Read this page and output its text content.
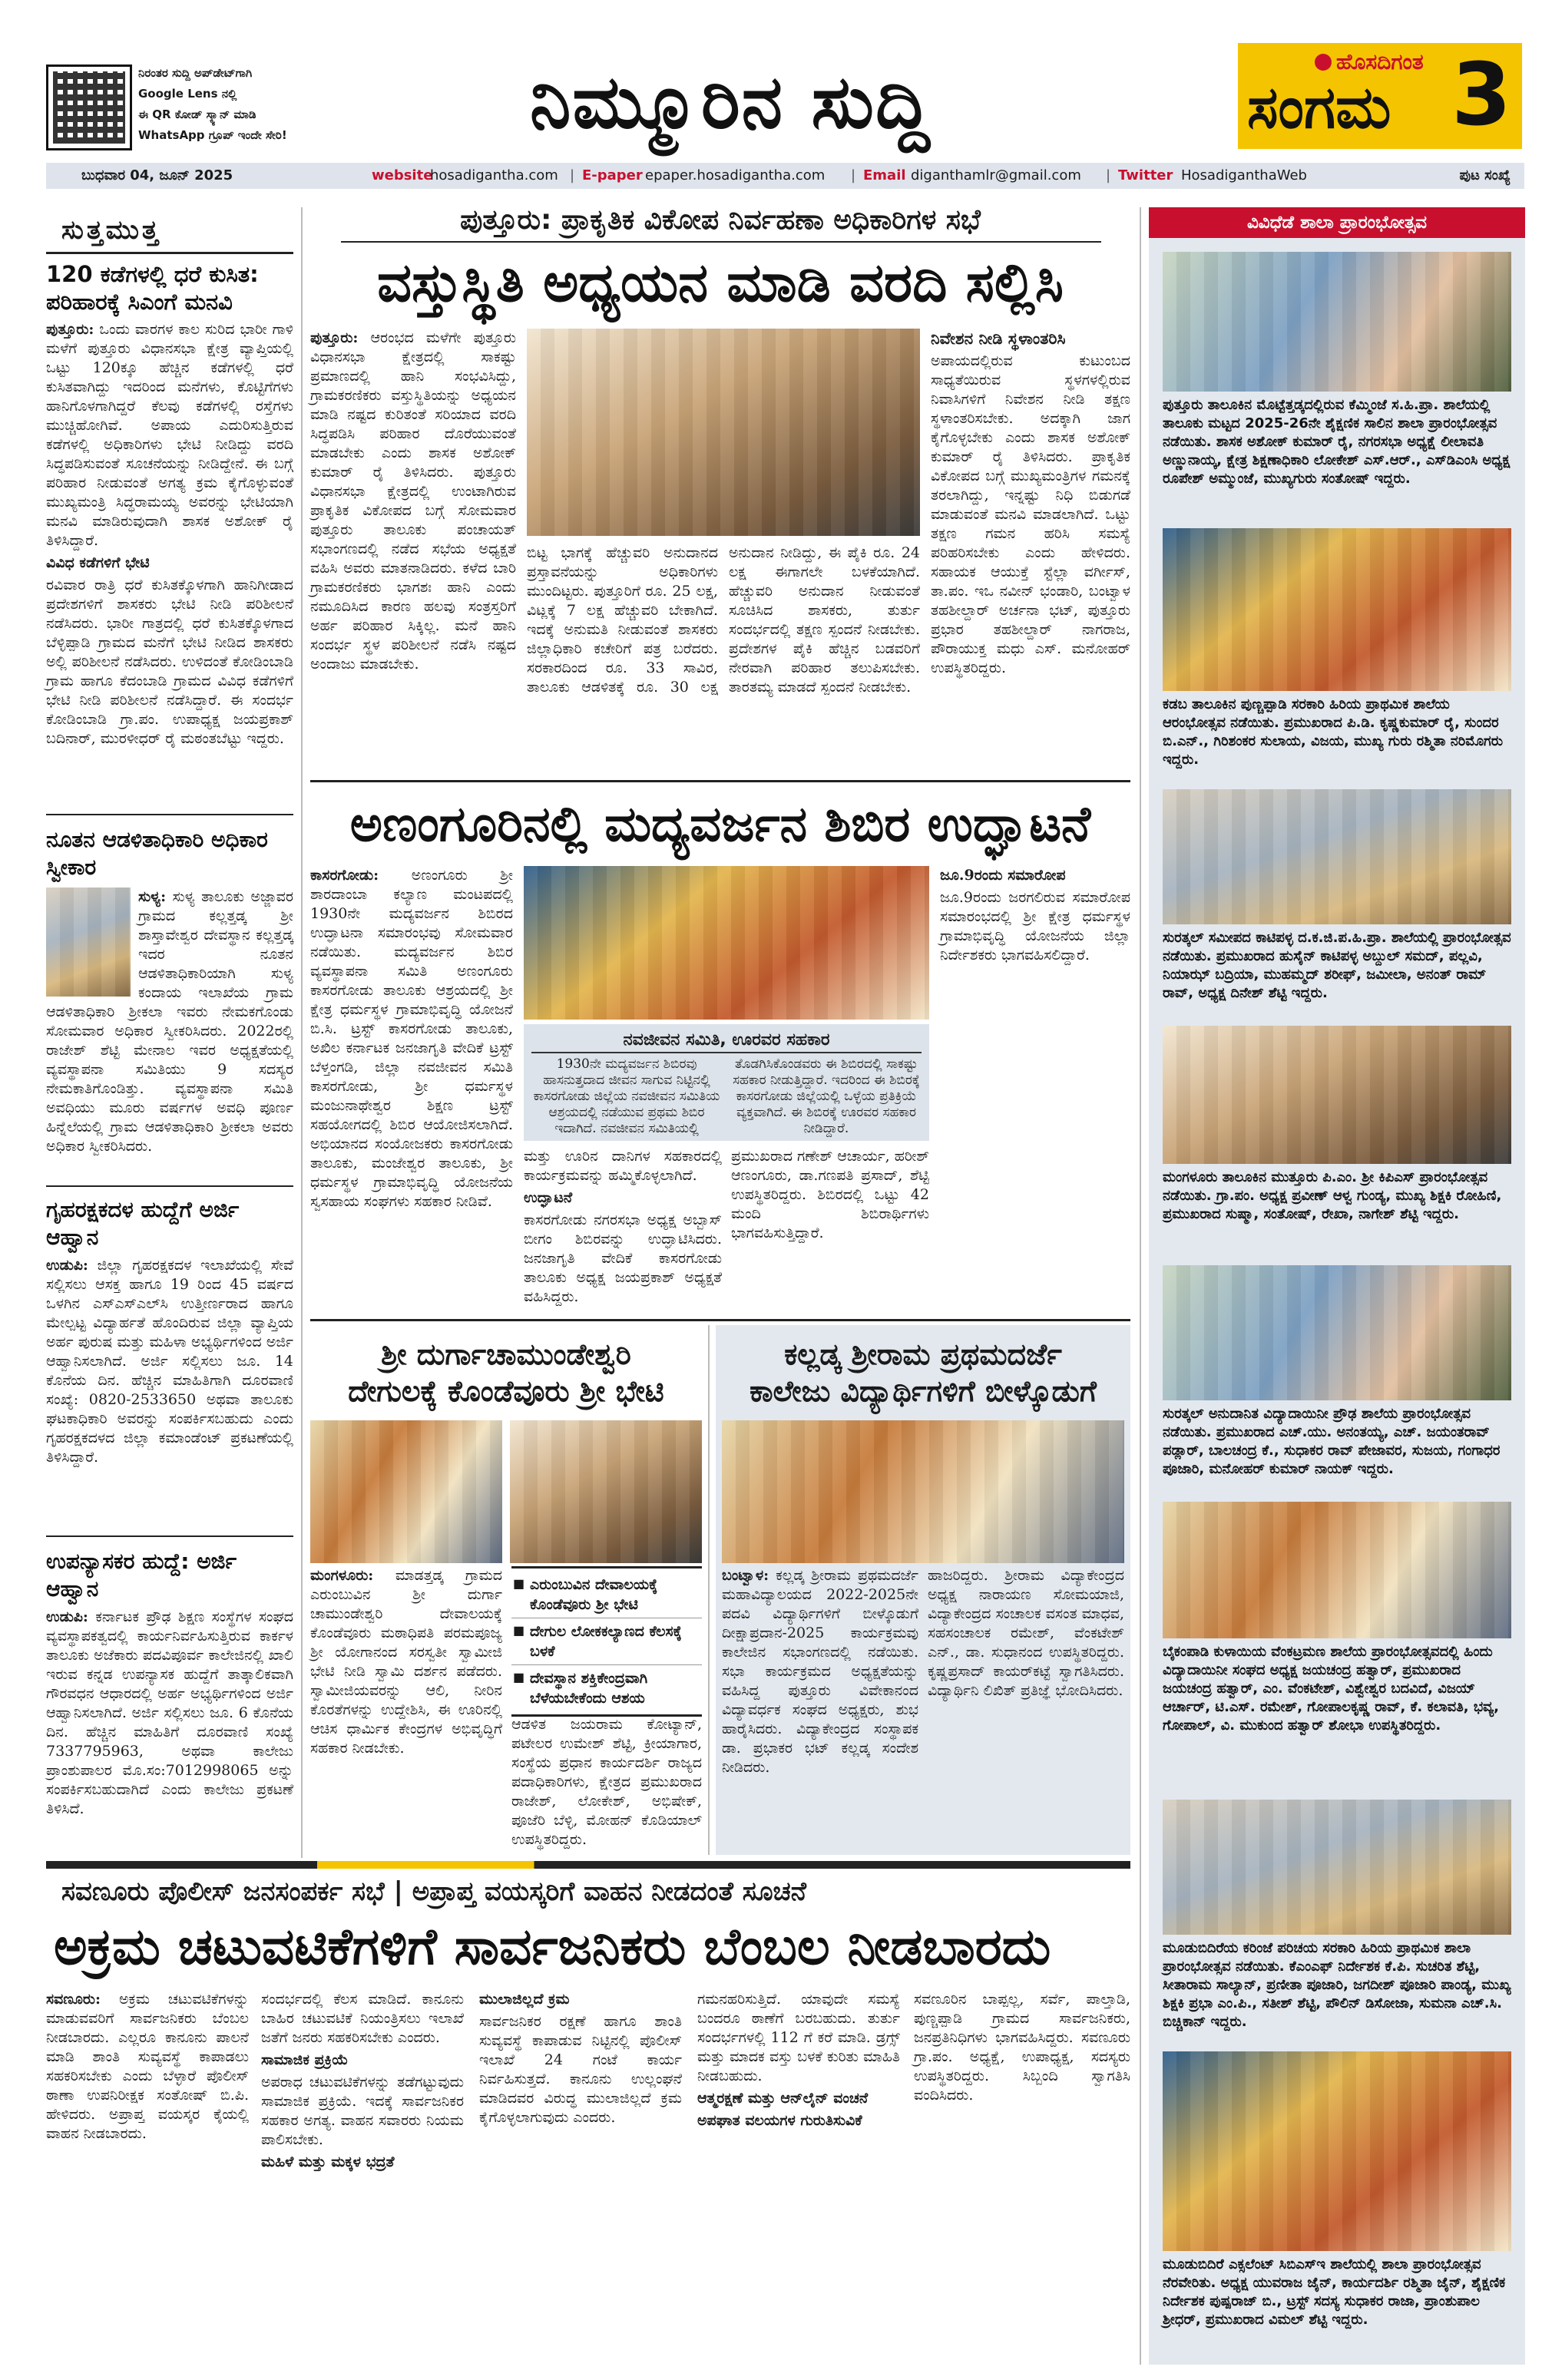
ನಿರಂತರ ಸುದ್ದಿ ಅಪ್‌ಡೇಟ್‌ಗಾಗಿ
Google Lens ನಲ್ಲಿ
ಈ QR ಕೋಡ್ ಸ್ಕ್ಯಾನ್ ಮಾಡಿ
WhatsApp ಗ್ರೂಪ್ ಇಂದೇ ಸೇರಿ!	ನಿಮ್ಮೂರಿನ ಸುದ್ದಿ	ಹೊಸದಿಗಂತ
ಸಂಗಮ 3
ಬುಧವಾರ 04, ಜೂನ್ 2025	website
hosadigantha.com | E-paper epaper.hosadigantha.com | Email diganthamlr@gmail.com | Twitter HosadiganthaWeb	ಪುಟ ಸಂಖ್ಯೆ
ಸುತ್ತಮುತ್ತ
120 ಕಡೆಗಳಲ್ಲಿ ಧರೆ ಕುಸಿತ: ಪರಿಹಾರಕ್ಕೆ ಸಿಎಂಗೆ ಮನವಿ

ಪುತ್ತೂರು: ಒಂದು ವಾರಗಳ ಕಾಲ ಸುರಿದ ಭಾರೀ ಗಾಳಿ ಮಳೆಗೆ ಪುತ್ತೂರು ವಿಧಾನಸಭಾ ಕ್ಷೇತ್ರ ವ್ಯಾಪ್ತಿಯಲ್ಲಿ ಒಟ್ಟು 120ಕ್ಕೂ ಹೆಚ್ಚಿನ ಕಡೆಗಳಲ್ಲಿ ಧರೆ ಕುಸಿತವಾಗಿದ್ದು ಇದರಿಂದ ಮನೆಗಳು, ಕೊಟ್ಟಿಗೆಗಳು ಹಾನಿಗೊಳಗಾಗಿದ್ದರೆ ಕೆಲವು ಕಡೆಗಳಲ್ಲಿ ರಸ್ತೆಗಳು ಮುಚ್ಚಿಹೋಗಿವೆ. ಅಪಾಯ ಎದುರಿಸುತ್ತಿರುವ ಕಡೆಗಳಲ್ಲಿ ಅಧಿಕಾರಿಗಳು ಭೇಟಿ ನೀಡಿದ್ದು ವರದಿ ಸಿದ್ಧಪಡಿಸುವಂತೆ ಸೂಚನೆಯನ್ನು ನೀಡಿದ್ದೇನೆ. ಈ ಬಗ್ಗೆ ಪರಿಹಾರ ನೀಡುವಂತೆ ಅಗತ್ಯ ಕ್ರಮ ಕೈಗೊಳ್ಳುವಂತೆ ಮುಖ್ಯಮಂತ್ರಿ ಸಿದ್ಧರಾಮಯ್ಯ ಅವರನ್ನು ಭೇಟಿಯಾಗಿ ಮನವಿ ಮಾಡಿರುವುದಾಗಿ ಶಾಸಕ ಅಶೋಕ್ ರೈ ತಿಳಿಸಿದ್ದಾರೆ.

ವಿವಿಧ ಕಡೆಗಳಿಗೆ ಭೇಟಿ

ರವಿವಾರ ರಾತ್ರಿ ಧರೆ ಕುಸಿತಕ್ಕೊಳಗಾಗಿ ಹಾನಿಗೀಡಾದ ಪ್ರದೇಶಗಳಿಗೆ ಶಾಸಕರು ಭೇಟಿ ನೀಡಿ ಪರಿಶೀಲನೆ ನಡೆಸಿದರು. ಭಾರೀ ಗಾತ್ರದಲ್ಲಿ ಧರೆ ಕುಸಿತಕ್ಕೊಳಗಾದ ಬೆಳ್ಳಿಪ್ಪಾಡಿ ಗ್ರಾಮದ ಮನೆಗೆ ಭೇಟಿ ನೀಡಿದ ಶಾಸಕರು ಅಲ್ಲಿ ಪರಿಶೀಲನೆ ನಡೆಸಿದರು. ಉಳಿದಂತೆ ಕೋಡಿಂಬಾಡಿ ಗ್ರಾಮ ಹಾಗೂ ಕೆದಂಬಾಡಿ ಗ್ರಾಮದ ವಿವಿಧ ಕಡೆಗಳಿಗೆ ಭೇಟಿ ನೀಡಿ ಪರಿಶೀಲನೆ ನಡೆಸಿದ್ದಾರೆ. ಈ ಸಂದರ್ಭ ಕೋಡಿಂಬಾಡಿ ಗ್ರಾ.ಪಂ. ಉಪಾಧ್ಯಕ್ಷ ಜಯಪ್ರಕಾಶ್ ಬದಿನಾರ್, ಮುರಳೀಧರ್ ರೈ ಮಠಂತಬೆಟ್ಟು ಇದ್ದರು.

ನೂತನ ಆಡಳಿತಾಧಿಕಾರಿ ಅಧಿಕಾರ ಸ್ವೀಕಾರ

ಸುಳ್ಯ: ಸುಳ್ಯ ತಾಲೂಕು ಅಜ್ಜಾವರ ಗ್ರಾಮದ ಕಲ್ಲತ್ತಡ್ಕ ಶ್ರೀ ಶಾಸ್ತಾವೇಶ್ವರ ದೇವಸ್ಥಾನ ಕಲ್ಲತ್ತಡ್ಕ ಇದರ ನೂತನ ಆಡಳಿತಾಧಿಕಾರಿಯಾಗಿ ಸುಳ್ಯ ಕಂದಾಯ ಇಲಾಖೆಯ ಗ್ರಾಮ ಆಡಳಿತಾಧಿಕಾರಿ ಶ್ರೀಕಲಾ ಇವರು ನೇಮಕಗೊಂಡು ಸೋಮವಾರ ಅಧಿಕಾರ ಸ್ವೀಕರಿಸಿದರು. 2022ರಲ್ಲಿ ರಾಜೇಶ್ ಶೆಟ್ಟಿ ಮೇನಾಲ ಇವರ ಅಧ್ಯಕ್ಷತೆಯಲ್ಲಿ ವ್ಯವಸ್ಥಾಪನಾ ಸಮಿತಿಯು 9 ಸದಸ್ಯರ ನೇಮಕಾತಿಗೊಂಡಿತ್ತು. ವ್ಯವಸ್ಥಾಪನಾ ಸಮಿತಿ ಅವಧಿಯು ಮೂರು ವರ್ಷಗಳ ಅವಧಿ ಪೂರ್ಣ ಹಿನ್ನೆಲೆಯಲ್ಲಿ ಗ್ರಾಮ ಆಡಳಿತಾಧಿಕಾರಿ ಶ್ರೀಕಲಾ ಅವರು ಅಧಿಕಾರ ಸ್ವೀಕರಿಸಿದರು.

ಗೃಹರಕ್ಷಕದಳ ಹುದ್ದೆಗೆ ಅರ್ಜಿ ಆಹ್ವಾನ

ಉಡುಪಿ: ಜಿಲ್ಲಾ ಗೃಹರಕ್ಷಕದಳ ಇಲಾಖೆಯಲ್ಲಿ ಸೇವೆ ಸಲ್ಲಿಸಲು ಆಸಕ್ತ ಹಾಗೂ 19 ರಿಂದ 45 ವರ್ಷದ ಒಳಗಿನ ಎಸ್‌ಎಸ್‌ಎಲ್‌ಸಿ ಉತ್ತೀರ್ಣರಾದ ಹಾಗೂ ಮೇಲ್ಪಟ್ಟ ವಿದ್ಯಾರ್ಹತೆ ಹೊಂದಿರುವ ಜಿಲ್ಲಾ ವ್ಯಾಪ್ತಿಯ ಅರ್ಹ ಪುರುಷ ಮತ್ತು ಮಹಿಳಾ ಅಭ್ಯರ್ಥಿಗಳಿಂದ ಅರ್ಜಿ ಆಹ್ವಾನಿಸಲಾಗಿದೆ. ಅರ್ಜಿ ಸಲ್ಲಿಸಲು ಜೂ. 14 ಕೊನೆಯ ದಿನ. ಹೆಚ್ಚಿನ ಮಾಹಿತಿಗಾಗಿ ದೂರವಾಣಿ ಸಂಖ್ಯೆ: 0820-2533650 ಅಥವಾ ತಾಲೂಕು ಘಟಕಾಧಿಕಾರಿ ಅವರನ್ನು ಸಂಪರ್ಕಿಸಬಹುದು ಎಂದು ಗೃಹರಕ್ಷಕದಳದ ಜಿಲ್ಲಾ ಕಮಾಂಡೆಂಟ್ ಪ್ರಕಟಣೆಯಲ್ಲಿ ತಿಳಿಸಿದ್ದಾರೆ.

ಉಪನ್ಯಾಸಕರ ಹುದ್ದೆ: ಅರ್ಜಿ ಆಹ್ವಾನ

ಉಡುಪಿ: ಕರ್ನಾಟಕ ಪ್ರೌಢ ಶಿಕ್ಷಣ ಸಂಸ್ಥೆಗಳ ಸಂಘದ ವ್ಯವಸ್ಥಾಪಕತ್ವದಲ್ಲಿ ಕಾರ್ಯನಿರ್ವಹಿಸುತ್ತಿರುವ ಕಾರ್ಕಳ ತಾಲೂಕು ಅಜೆಕಾರು ಪದವಿಪೂರ್ವ ಕಾಲೇಜಿನಲ್ಲಿ ಖಾಲಿ ಇರುವ ಕನ್ನಡ ಉಪನ್ಯಾಸಕ ಹುದ್ದೆಗೆ ತಾತ್ಕಾಲಿಕವಾಗಿ ಗೌರವಧನ ಆಧಾರದಲ್ಲಿ ಅರ್ಹ ಅಭ್ಯರ್ಥಿಗಳಿಂದ ಅರ್ಜಿ ಆಹ್ವಾನಿಸಲಾಗಿದೆ. ಅರ್ಜಿ ಸಲ್ಲಿಸಲು ಜೂ. 6 ಕೊನೆಯ ದಿನ. ಹೆಚ್ಚಿನ ಮಾಹಿತಿಗೆ ದೂರವಾಣಿ ಸಂಖ್ಯೆ 7337795963, ಅಥವಾ ಕಾಲೇಜು ಪ್ರಾಂಶುಪಾಲರ ಮೊ.ಸಂ:7012998065 ಅನ್ನು ಸಂಪರ್ಕಿಸಬಹುದಾಗಿದೆ ಎಂದು ಕಾಲೇಜು ಪ್ರಕಟಣೆ ತಿಳಿಸಿದೆ.

ಪುತ್ತೂರು: ಪ್ರಾಕೃತಿಕ ವಿಕೋಪ ನಿರ್ವಹಣಾ ಅಧಿಕಾರಿಗಳ ಸಭೆ
ವಸ್ತುಸ್ಥಿತಿ ಅಧ್ಯಯನ ಮಾಡಿ ವರದಿ ಸಲ್ಲಿಸಿ

ಪುತ್ತೂರು: ಆರಂಭದ ಮಳೆಗೇ ಪುತ್ತೂರು ವಿಧಾನಸಭಾ ಕ್ಷೇತ್ರದಲ್ಲಿ ಸಾಕಷ್ಟು ಪ್ರಮಾಣದಲ್ಲಿ ಹಾನಿ ಸಂಭವಿಸಿದ್ದು, ಗ್ರಾಮಕರಣಿಕರು ವಸ್ತುಸ್ಥಿತಿಯನ್ನು ಅಧ್ಯಯನ ಮಾಡಿ ನಷ್ಟದ ಕುರಿತಂತೆ ಸರಿಯಾದ ವರದಿ ಸಿದ್ಧಪಡಿಸಿ ಪರಿಹಾರ ದೊರೆಯುವಂತೆ ಮಾಡಬೇಕು ಎಂದು ಶಾಸಕ ಅಶೋಕ್ ಕುಮಾರ್ ರೈ ತಿಳಿಸಿದರು. ಪುತ್ತೂರು ವಿಧಾನಸಭಾ ಕ್ಷೇತ್ರದಲ್ಲಿ ಉಂಟಾಗಿರುವ ಪ್ರಾಕೃತಿಕ ವಿಕೋಪದ ಬಗ್ಗೆ ಸೋಮವಾರ ಪುತ್ತೂರು ತಾಲೂಕು ಪಂಚಾಯತ್ ಸಭಾಂಗಣದಲ್ಲಿ ನಡೆದ ಸಭೆಯ ಅಧ್ಯಕ್ಷತೆ ವಹಿಸಿ ಅವರು ಮಾತನಾಡಿದರು. ಕಳೆದ ಬಾರಿ ಗ್ರಾಮಕರಣಿಕರು ಭಾಗಶಃ ಹಾನಿ ಎಂದು ನಮೂದಿಸಿದ ಕಾರಣ ಹಲವು ಸಂತ್ರಸ್ತರಿಗೆ ಅರ್ಹ ಪರಿಹಾರ ಸಿಕ್ಕಿಲ್ಲ. ಮನೆ ಹಾನಿ ಸಂದರ್ಭ ಸ್ಥಳ ಪರಿಶೀಲನೆ ನಡೆಸಿ ನಷ್ಟದ ಅಂದಾಜು ಮಾಡಬೇಕು.

ಬಿಟ್ಟ ಭಾಗಕ್ಕೆ ಹೆಚ್ಚುವರಿ ಅನುದಾನದ ಪ್ರಸ್ತಾವನೆಯನ್ನು ಅಧಿಕಾರಿಗಳು ಮುಂದಿಟ್ಟರು. ಪುತ್ತೂರಿಗೆ ರೂ. 25 ಲಕ್ಷ, ವಿಟ್ಲಕ್ಕೆ 7 ಲಕ್ಷ ಹೆಚ್ಚುವರಿ ಬೇಕಾಗಿದೆ. ಇದಕ್ಕೆ ಅನುಮತಿ ನೀಡುವಂತೆ ಶಾಸಕರು ಜಿಲ್ಲಾಧಿಕಾರಿ ಕಚೇರಿಗೆ ಪತ್ರ ಬರೆದರು. ಸರಕಾರದಿಂದ ರೂ. 33 ಸಾವಿರ, ತಾಲೂಕು ಆಡಳಿತಕ್ಕೆ ರೂ. 30 ಲಕ್ಷ ಅನುದಾನ ನೀಡಿದ್ದು, ಈ ಪೈಕಿ ರೂ. 24 ಲಕ್ಷ ಈಗಾಗಲೇ ಬಳಕೆಯಾಗಿದೆ. ಹೆಚ್ಚುವರಿ ಅನುದಾನ ನೀಡುವಂತೆ ಸೂಚಿಸಿದ ಶಾಸಕರು, ತುರ್ತು ಸಂದರ್ಭದಲ್ಲಿ ತಕ್ಷಣ ಸ್ಪಂದನೆ ನೀಡಬೇಕು. ಪ್ರದೇಶಗಳ ಪೈಕಿ ಹೆಚ್ಚಿನ ಬಡವರಿಗೆ ನೇರವಾಗಿ ಪರಿಹಾರ ತಲುಪಿಸಬೇಕು. ತಾರತಮ್ಯ ಮಾಡದೆ ಸ್ಪಂದನೆ ನೀಡಬೇಕು.

ನಿವೇಶನ ನೀಡಿ ಸ್ಥಳಾಂತರಿಸಿ

ಅಪಾಯದಲ್ಲಿರುವ ಕುಟುಂಬದ ಸಾಧ್ಯತೆಯಿರುವ ಸ್ಥಳಗಳಲ್ಲಿರುವ ನಿವಾಸಿಗಳಿಗೆ ನಿವೇಶನ ನೀಡಿ ತಕ್ಷಣ ಸ್ಥಳಾಂತರಿಸಬೇಕು. ಅದಕ್ಕಾಗಿ ಜಾಗ ಕೈಗೊಳ್ಳಬೇಕು ಎಂದು ಶಾಸಕ ಅಶೋಕ್ ಕುಮಾರ್ ರೈ ತಿಳಿಸಿದರು. ಪ್ರಾಕೃತಿಕ ವಿಕೋಪದ ಬಗ್ಗೆ ಮುಖ್ಯಮಂತ್ರಿಗಳ ಗಮನಕ್ಕೆ ತರಲಾಗಿದ್ದು, ಇನ್ನಷ್ಟು ನಿಧಿ ಬಿಡುಗಡೆ ಮಾಡುವಂತೆ ಮನವಿ ಮಾಡಲಾಗಿದೆ. ಒಟ್ಟು ತಕ್ಷಣ ಗಮನ ಹರಿಸಿ ಸಮಸ್ಯೆ ಪರಿಹರಿಸಬೇಕು ಎಂದು ಹೇಳಿದರು. ಸಹಾಯಕ ಆಯುಕ್ತೆ ಸ್ಟೆಲ್ಲಾ ವರ್ಗೀಸ್, ತಾ.ಪಂ. ಇಒ ನವೀನ್ ಭಂಡಾರಿ, ಬಂಟ್ವಾಳ ತಹಶೀಲ್ದಾರ್ ಅರ್ಚನಾ ಭಟ್, ಪುತ್ತೂರು ಪ್ರಭಾರ ತಹಶೀಲ್ದಾರ್ ನಾಗರಾಜ, ಪೌರಾಯುಕ್ತ ಮಧು ಎಸ್. ಮನೋಹರ್ ಉಪಸ್ಥಿತರಿದ್ದರು.

ಅಣಂಗೂರಿನಲ್ಲಿ ಮದ್ಯವರ್ಜನ ಶಿಬಿರ ಉದ್ಘಾಟನೆ

ಕಾಸರಗೋಡು: ಅಣಂಗೂರು ಶ್ರೀ ಶಾರದಾಂಬಾ ಕಲ್ಯಾಣ ಮಂಟಪದಲ್ಲಿ 1930ನೇ ಮದ್ಯವರ್ಜನ ಶಿಬಿರದ ಉದ್ಘಾಟನಾ ಸಮಾರಂಭವು ಸೋಮವಾರ ನಡೆಯಿತು. ಮದ್ಯವರ್ಜನ ಶಿಬಿರ ವ್ಯವಸ್ಥಾಪನಾ ಸಮಿತಿ ಅಣಂಗೂರು ಕಾಸರಗೋಡು ತಾಲೂಕು ಆಶ್ರಯದಲ್ಲಿ ಶ್ರೀ ಕ್ಷೇತ್ರ ಧರ್ಮಸ್ಥಳ ಗ್ರಾಮಾಭಿವೃದ್ಧಿ ಯೋಜನೆ ಬಿ.ಸಿ. ಟ್ರಸ್ಟ್ ಕಾಸರಗೋಡು ತಾಲೂಕು, ಅಖಿಲ ಕರ್ನಾಟಕ ಜನಜಾಗೃತಿ ವೇದಿಕೆ ಟ್ರಸ್ಟ್ ಬೆಳ್ತಂಗಡಿ, ಜಿಲ್ಲಾ ನವಜೀವನ ಸಮಿತಿ ಕಾಸರಗೋಡು, ಶ್ರೀ ಧರ್ಮಸ್ಥಳ ಮಂಜುನಾಥೇಶ್ವರ ಶಿಕ್ಷಣ ಟ್ರಸ್ಟ್ ಸಹಯೋಗದಲ್ಲಿ ಶಿಬಿರ ಆಯೋಜಿಸಲಾಗಿದೆ. ಅಭಿಯಾನದ ಸಂಯೋಜಕರು ಕಾಸರಗೋಡು ತಾಲೂಕು, ಮಂಜೇಶ್ವರ ತಾಲೂಕು, ಶ್ರೀ ಧರ್ಮಸ್ಥಳ ಗ್ರಾಮಾಭಿವೃದ್ಧಿ ಯೋಜನೆಯ ಸ್ವಸಹಾಯ ಸಂಘಗಳು ಸಹಕಾರ ನೀಡಿವೆ.

ನವಜೀವನ ಸಮಿತಿ, ಊರವರ ಸಹಕಾರ
1930ನೇ ಮದ್ಯವರ್ಜನ ಶಿಬಿರವು ಹಾಸನುತ್ತದಾದ ಜೀವನ ಸಾಗುವ ನಿಟ್ಟಿನಲ್ಲಿ ಕಾಸರಗೋಡು ಜಿಲ್ಲೆಯ ನವಜೀವನ ಸಮಿತಿಯ ಆಶ್ರಯದಲ್ಲಿ ನಡೆಯುವ ಪ್ರಥಮ ಶಿಬಿರ ಇದಾಗಿದೆ. ನವಜೀವನ ಸಮಿತಿಯಲ್ಲಿ
ತೊಡಗಿಸಿಕೊಂಡವರು ಈ ಶಿಬಿರದಲ್ಲಿ ಸಾಕಷ್ಟು ಸಹಕಾರ ನೀಡುತ್ತಿದ್ದಾರೆ. ಇದರಿಂದ ಈ ಶಿಬಿರಕ್ಕೆ ಕಾಸರಗೋಡು ಜಿಲ್ಲೆಯಲ್ಲಿ ಒಳ್ಳೆಯ ಪ್ರತಿಕ್ರಿಯೆ ವ್ಯಕ್ತವಾಗಿದೆ. ಈ ಶಿಬಿರಕ್ಕೆ ಊರವರ ಸಹಕಾರ ನೀಡಿದ್ದಾರೆ.

ಮತ್ತು ಊರಿನ ದಾನಿಗಳ ಸಹಕಾರದಲ್ಲಿ ಕಾರ್ಯಕ್ರಮವನ್ನು ಹಮ್ಮಿಕೊಳ್ಳಲಾಗಿದೆ.

ಉದ್ಘಾಟನೆ

ಕಾಸರಗೋಡು ನಗರಸಭಾ ಅಧ್ಯಕ್ಷ ಅಬ್ಬಾಸ್ ಬೀಗಂ ಶಿಬಿರವನ್ನು ಉದ್ಘಾಟಿಸಿದರು. ಜನಜಾಗೃತಿ ವೇದಿಕೆ ಕಾಸರಗೋಡು ತಾಲೂಕು ಅಧ್ಯಕ್ಷ ಜಯಪ್ರಕಾಶ್ ಅಧ್ಯಕ್ಷತೆ ವಹಿಸಿದ್ದರು.

ಪ್ರಮುಖರಾದ ಗಣೇಶ್ ಆಚಾರ್ಯ, ಹರೀಶ್ ಆಣಂಗೂರು, ಡಾ.ಗಣಪತಿ ಪ್ರಸಾದ್, ಶೆಟ್ಟಿ ಉಪಸ್ಥಿತರಿದ್ದರು. ಶಿಬಿರದಲ್ಲಿ ಒಟ್ಟು 42 ಮಂದಿ ಶಿಬಿರಾರ್ಥಿಗಳು ಭಾಗವಹಿಸುತ್ತಿದ್ದಾರೆ.

ಜೂ.9ರಂದು ಸಮಾರೋಪ

ಜೂ.9ರಂದು ಜರಗಲಿರುವ ಸಮಾರೋಪ ಸಮಾರಂಭದಲ್ಲಿ ಶ್ರೀ ಕ್ಷೇತ್ರ ಧರ್ಮಸ್ಥಳ ಗ್ರಾಮಾಭಿವೃದ್ಧಿ ಯೋಜನೆಯ ಜಿಲ್ಲಾ ನಿರ್ದೇಶಕರು ಭಾಗವಹಿಸಲಿದ್ದಾರೆ.

ಶ್ರೀ ದುರ್ಗಾಚಾಮುಂಡೇಶ್ವರಿ
ದೇಗುಲಕ್ಕೆ ಕೊಂಡೆವೂರು ಶ್ರೀ ಭೇಟಿ

ಮಂಗಳೂರು: ಮಾಡತ್ತಡ್ಕ ಗ್ರಾಮದ ಎರುಂಬುವಿನ ಶ್ರೀ ದುರ್ಗಾ ಚಾಮುಂಡೇಶ್ವರಿ ದೇವಾಲಯಕ್ಕೆ ಕೊಂಡೆವೂರು ಮಠಾಧಿಪತಿ ಪರಮಪೂಜ್ಯ ಶ್ರೀ ಯೋಗಾನಂದ ಸರಸ್ವತೀ ಸ್ವಾಮೀಜಿ ಭೇಟಿ ನೀಡಿ ಸ್ವಾಮಿ ದರ್ಶನ ಪಡೆದರು. ಸ್ವಾಮೀಜಿಯವರನ್ನು ಆಲಿ, ನೀರಿನ ಕೊರತೆಗಳನ್ನು ಉದ್ದೇಶಿಸಿ, ಈ ಊರಿನಲ್ಲಿ ಆಚಿಸ ಧಾರ್ಮಿಕ ಕೇಂದ್ರಗಳ ಅಭಿವೃದ್ಧಿಗೆ ಸಹಕಾರ ನೀಡಬೇಕು.

■ ಎರುಂಬುವಿನ ದೇವಾಲಯಕ್ಕೆ ಕೊಂಡೆವೂರು ಶ್ರೀ ಭೇಟಿ
■ ದೇಗುಲ ಲೋಕಕಲ್ಯಾಣದ ಕೆಲಸಕ್ಕೆ ಬಳಕೆ
■ ದೇವಸ್ಥಾನ ಶಕ್ತಿಕೇಂದ್ರವಾಗಿ ಬೆಳೆಯಬೇಕೆಂದು ಆಶಯ

ಆಡಳಿತ ಜಯರಾಮ ಕೋಟ್ಯಾನ್, ಪಟೇಲರ ಉಮೇಶ್ ಶೆಟ್ಟಿ, ಕ್ರೀಯಾಗಾರ, ಸಂಸ್ಥೆಯ ಪ್ರಧಾನ ಕಾರ್ಯದರ್ಶಿ ರಾಜ್ಯದ ಪದಾಧಿಕಾರಿಗಳು, ಕ್ಷೇತ್ರದ ಪ್ರಮುಖರಾದ ರಾಜೇಶ್, ಲೋಕೇಶ್, ಅಭಿಷೇಕ್, ಪೂಜೆರಿ ಬೆಳ್ಳಿ, ಮೋಹನ್ ಕೊಡಿಯಾಲ್ ಉಪಸ್ಥಿತರಿದ್ದರು.

ಕಲ್ಲಡ್ಕ ಶ್ರೀರಾಮ ಪ್ರಥಮದರ್ಜೆ
ಕಾಲೇಜು ವಿದ್ಯಾರ್ಥಿಗಳಿಗೆ ಬೀಳ್ಕೊಡುಗೆ

ಬಂಟ್ವಾಳ: ಕಲ್ಲಡ್ಕ ಶ್ರೀರಾಮ ಪ್ರಥಮದರ್ಜೆ ಮಹಾವಿದ್ಯಾಲಯದ 2022-2025ನೇ ಪದವಿ ವಿದ್ಯಾರ್ಥಿಗಳಿಗೆ ಬೀಳ್ಕೊಡುಗೆ ದೀಕ್ಷಾಪ್ರದಾನ-2025 ಕಾರ್ಯಕ್ರಮವು ಕಾಲೇಜಿನ ಸಭಾಂಗಣದಲ್ಲಿ ನಡೆಯಿತು. ಸಭಾ ಕಾರ್ಯಕ್ರಮದ ಅಧ್ಯಕ್ಷತೆಯನ್ನು ವಹಿಸಿದ್ದ ಪುತ್ತೂರು ವಿವೇಕಾನಂದ ವಿದ್ಯಾವರ್ಧಕ ಸಂಘದ ಅಧ್ಯಕ್ಷರು, ಶುಭ ಹಾರೈಸಿದರು. ವಿದ್ಯಾಕೇಂದ್ರದ ಸಂಸ್ಥಾಪಕ ಡಾ. ಪ್ರಭಾಕರ ಭಟ್ ಕಲ್ಲಡ್ಕ ಸಂದೇಶ ನೀಡಿದರು.

ಹಾಜರಿದ್ದರು. ಶ್ರೀರಾಮ ವಿದ್ಯಾಕೇಂದ್ರದ ಅಧ್ಯಕ್ಷ ನಾರಾಯಣ ಸೋಮಯಾಜಿ, ವಿದ್ಯಾಕೇಂದ್ರದ ಸಂಚಾಲಕ ವಸಂತ ಮಾಧವ, ಸಹಸಂಚಾಲಕ ರಮೇಶ್, ವೆಂಕಟೇಶ್ ಎನ್., ಡಾ. ಸುಧಾನಂದ ಉಪಸ್ಥಿತರಿದ್ದರು. ಕೃಷ್ಣಪ್ರಸಾದ್ ಕಾಯರ್‌ಕಟ್ಟೆ ಸ್ವಾಗತಿಸಿದರು. ವಿದ್ಯಾರ್ಥಿನಿ ಲಿಖಿತ್ ಪ್ರತಿಜ್ಞೆ ಭೋದಿಸಿದರು.

ಸವಣೂರು ಪೊಲೀಸ್ ಜನಸಂಪರ್ಕ ಸಭೆ | ಅಪ್ರಾಪ್ತ ವಯಸ್ಕರಿಗೆ ವಾಹನ ನೀಡದಂತೆ ಸೂಚನೆ
ಅಕ್ರಮ ಚಟುವಟಿಕೆಗಳಿಗೆ ಸಾರ್ವಜನಿಕರು ಬೆಂಬಲ ನೀಡಬಾರದು

ಸವಣೂರು: ಅಕ್ರಮ ಚಟುವಟಿಕೆಗಳನ್ನು ಮಾಡುವವರಿಗೆ ಸಾರ್ವಜನಿಕರು ಬೆಂಬಲ ನೀಡಬಾರದು. ಎಲ್ಲರೂ ಕಾನೂನು ಪಾಲನೆ ಮಾಡಿ ಶಾಂತಿ ಸುವ್ಯವಸ್ಥೆ ಕಾಪಾಡಲು ಸಹಕರಿಸಬೇಕು ಎಂದು ಬೆಳ್ಳಾರೆ ಪೊಲೀಸ್ ಠಾಣಾ ಉಪನಿರೀಕ್ಷಕ ಸಂತೋಷ್ ಬಿ.ಪಿ. ಹೇಳಿದರು. ಅಪ್ರಾಪ್ತ ವಯಸ್ಕರ ಕೈಯಲ್ಲಿ ವಾಹನ ನೀಡಬಾರದು.

ಸಂದರ್ಭದಲ್ಲಿ ಕೆಲಸ ಮಾಡಿದೆ. ಕಾನೂನು ಬಾಹಿರ ಚಟುವಟಿಕೆ ನಿಯಂತ್ರಿಸಲು ಇಲಾಖೆ ಜತೆಗೆ ಜನರು ಸಹಕರಿಸಬೇಕು ಎಂದರು.

ಸಾಮಾಜಿಕ ಪ್ರಕ್ರಿಯೆ

ಅಪರಾಧ ಚಟುವಟಿಕೆಗಳನ್ನು ತಡೆಗಟ್ಟುವುದು ಸಾಮಾಜಿಕ ಪ್ರಕ್ರಿಯೆ. ಇದಕ್ಕೆ ಸಾರ್ವಜನಿಕರ ಸಹಕಾರ ಅಗತ್ಯ. ವಾಹನ ಸವಾರರು ನಿಯಮ ಪಾಲಿಸಬೇಕು.

ಮಹಿಳೆ ಮತ್ತು ಮಕ್ಕಳ ಭದ್ರತೆ

ಮುಲಾಜಿಲ್ಲದೆ ಕ್ರಮ

ಸಾರ್ವಜನಿಕರ ರಕ್ಷಣೆ ಹಾಗೂ ಶಾಂತಿ ಸುವ್ಯವಸ್ಥೆ ಕಾಪಾಡುವ ನಿಟ್ಟಿನಲ್ಲಿ ಪೊಲೀಸ್ ಇಲಾಖೆ 24 ಗಂಟೆ ಕಾರ್ಯ ನಿರ್ವಹಿಸುತ್ತದೆ. ಕಾನೂನು ಉಲ್ಲಂಘನೆ ಮಾಡಿದವರ ವಿರುದ್ಧ ಮುಲಾಜಿಲ್ಲದೆ ಕ್ರಮ ಕೈಗೊಳ್ಳಲಾಗುವುದು ಎಂದರು.

ಗಮನಹರಿಸುತ್ತಿದೆ. ಯಾವುದೇ ಸಮಸ್ಯೆ ಬಂದರೂ ಠಾಣೆಗೆ ಬರಬಹುದು. ತುರ್ತು ಸಂದರ್ಭಗಳಲ್ಲಿ 112 ಗೆ ಕರೆ ಮಾಡಿ. ಡ್ರಗ್ಸ್ ಮತ್ತು ಮಾದಕ ವಸ್ತು ಬಳಕೆ ಕುರಿತು ಮಾಹಿತಿ ನೀಡಬಹುದು.

ಆತ್ಮರಕ್ಷಣೆ ಮತ್ತು ಆನ್‌ಲೈನ್ ವಂಚನೆ

ಅಪಘಾತ ವಲಯಗಳ ಗುರುತಿಸುವಿಕೆ

ಸವಣೂರಿನ ಬಾಪ್ಪಲ್ಲ, ಸರ್ವೆ, ಪಾಲ್ತಾಡಿ, ಪುಣ್ಚಪ್ಪಾಡಿ ಗ್ರಾಮದ ಸಾರ್ವಜನಿಕರು, ಜನಪ್ರತಿನಿಧಿಗಳು ಭಾಗವಹಿಸಿದ್ದರು. ಸವಣೂರು ಗ್ರಾ.ಪಂ. ಅಧ್ಯಕ್ಷೆ, ಉಪಾಧ್ಯಕ್ಷ, ಸದಸ್ಯರು ಉಪಸ್ಥಿತರಿದ್ದರು. ಸಿಬ್ಬಂದಿ ಸ್ವಾಗತಿಸಿ ವಂದಿಸಿದರು.

ವಿವಿಧೆಡೆ ಶಾಲಾ ಪ್ರಾರಂಭೋತ್ಸವ
ಪುತ್ತೂರು ತಾಲೂಕಿನ ಮೊಟ್ಟೆತ್ತಡ್ಕದಲ್ಲಿರುವ ಕೆಮ್ಮಿಂಜೆ ಸ.ಹಿ.ಪ್ರಾ. ಶಾಲೆಯಲ್ಲಿ ತಾಲೂಕು ಮಟ್ಟದ 2025-26ನೇ ಶೈಕ್ಷಣಿಕ ಸಾಲಿನ ಶಾಲಾ ಪ್ರಾರಂಭೋತ್ಸವ ನಡೆಯಿತು. ಶಾಸಕ ಅಶೋಕ್ ಕುಮಾರ್ ರೈ, ನಗರಸಭಾ ಅಧ್ಯಕ್ಷೆ ಲೀಲಾವತಿ ಅಣ್ಣುನಾಯ್ಕ, ಕ್ಷೇತ್ರ ಶಿಕ್ಷಣಾಧಿಕಾರಿ ಲೋಕೇಶ್ ಎಸ್.ಆರ್., ಎಸ್‌ಡಿಎಂಸಿ ಅಧ್ಯಕ್ಷ ರೂಪೇಶ್ ಅಮ್ಮುಂಜೆ, ಮುಖ್ಯಗುರು ಸಂತೋಷ್ ಇದ್ದರು.
ಕಡಬ ತಾಲೂಕಿನ ಪುಣ್ಚಪ್ಪಾಡಿ ಸರಕಾರಿ ಹಿರಿಯ ಪ್ರಾಥಮಿಕ ಶಾಲೆಯ ಆರಂಭೋತ್ಸವ ನಡೆಯಿತು. ಪ್ರಮುಖರಾದ ಪಿ.ಡಿ. ಕೃಷ್ಣಕುಮಾರ್ ರೈ, ಸುಂದರ ಬಿ.ಎನ್., ಗಿರಿಶಂಕರ ಸುಲಾಯ, ವಿಜಯ, ಮುಖ್ಯ ಗುರು ರಶ್ಮಿತಾ ನರಿಮೊಗರು ಇದ್ದರು.
ಸುರತ್ಕಲ್ ಸಮೀಪದ ಕಾಟಿಪಳ್ಳ ದ.ಕ.ಜಿ.ಪ.ಹಿ.ಪ್ರಾ. ಶಾಲೆಯಲ್ಲಿ ಪ್ರಾರಂಭೋತ್ಸವ ನಡೆಯಿತು. ಪ್ರಮುಖರಾದ ಹುಸೈನ್ ಕಾಟಿಪಳ್ಳ ಅಬ್ದುಲ್ ಸಮದ್, ಪಲ್ಲವಿ, ನಿಯಾಝ್ ಬದ್ರಿಯಾ, ಮುಹಮ್ಮದ್ ಶರೀಫ್, ಜಮೀಲಾ, ಅನಂತ್ ರಾಮ್ ರಾವ್, ಅಧ್ಯಕ್ಷ ದಿನೇಶ್ ಶೆಟ್ಟಿ ಇದ್ದರು.
ಮಂಗಳೂರು ತಾಲೂಕಿನ ಮುತ್ತೂರು ಪಿ.ಎಂ. ಶ್ರೀ ಕಿಪಿಎಸ್ ಪ್ರಾರಂಭೋತ್ಸವ ನಡೆಯಿತು. ಗ್ರಾ.ಪಂ. ಅಧ್ಯಕ್ಷ ಪ್ರವೀಣ್ ಆಳ್ವ ಗುಂಡ್ಯ, ಮುಖ್ಯ ಶಿಕ್ಷಕಿ ರೋಹಿಣಿ, ಪ್ರಮುಖರಾದ ಸುಷ್ಮಾ, ಸಂತೋಷ್, ರೇಖಾ, ನಾಗೇಶ್ ಶೆಟ್ಟಿ ಇದ್ದರು.
ಸುರತ್ಕಲ್ ಅನುದಾನಿತ ವಿದ್ಯಾದಾಯಿನೀ ಪ್ರೌಢ ಶಾಲೆಯ ಪ್ರಾರಂಭೋತ್ಸವ ನಡೆಯಿತು. ಪ್ರಮುಖರಾದ ಎಚ್.ಯು. ಅನಂತಯ್ಯ, ಎಚ್. ಜಯಂತರಾವ್ ಪಡ್ಲಾರ್, ಬಾಲಚಂದ್ರ ಕೆ., ಸುಧಾಕರ ರಾವ್ ಪೇಜಾವರ, ಸುಜಯ, ಗಂಗಾಧರ ಪೂಜಾರಿ, ಮನೋಹರ್ ಕುಮಾರ್ ನಾಯಕ್ ಇದ್ದರು.
ಬೈಕಂಪಾಡಿ ಕುಳಾಯಿಯ ವೆಂಕಟ್ರಮಣ ಶಾಲೆಯ ಪ್ರಾರಂಭೋತ್ಸವದಲ್ಲಿ ಹಿಂದು ವಿದ್ಯಾದಾಯಿನೀ ಸಂಘದ ಅಧ್ಯಕ್ಷ ಜಯಚಂದ್ರ ಹತ್ವಾರ್, ಪ್ರಮುಖರಾದ ಜಯಚಂದ್ರ ಹತ್ವಾರ್, ಎಂ. ವೆಂಕಟೇಶ್, ವಿಶ್ವೇಶ್ವರ ಬದವಿದೆ, ವಿಜಯ್ ಆರ್ಚಾರ್, ಟಿ.ಎಸ್. ರಮೇಶ್, ಗೋಪಾಲಕೃಷ್ಣ ರಾವ್, ಕೆ. ಕಲಾವತಿ, ಭವ್ಯ, ಗೋಪಾಲ್, ವಿ. ಮುಕುಂದ ಹತ್ವಾರ್ ಶೋಭಾ ಉಪಸ್ಥಿತರಿದ್ದರು.
ಮೂಡುಬಿದಿರೆಯ ಕರಿಂಜೆ ಪರಿಚಯ ಸರಕಾರಿ ಹಿರಿಯ ಪ್ರಾಥಮಿಕ ಶಾಲಾ ಪ್ರಾರಂಭೋತ್ಸವ ನಡೆಯಿತು. ಕೆಎಂಎಫ್ ನಿರ್ದೇಶಕ ಕೆ.ಪಿ. ಸುಚರಿತ ಶೆಟ್ಟಿ, ಸೀತಾರಾಮ ಸಾಲ್ಯಾನ್, ಪ್ರಣೀತಾ ಪೂಜಾರಿ, ಜಗದೀಶ್ ಪೂಜಾರಿ ಪಾಂಡ್ಯ, ಮುಖ್ಯ ಶಿಕ್ಷಕಿ ಪ್ರಭಾ ಎಂ.ಪಿ., ಸತೀಶ್ ಶೆಟ್ಟಿ, ಪೌಲಿನ್ ಡಿಸೋಜಾ, ಸುಮನಾ ಎಚ್.ಸಿ. ಬಿಚ್ಚಿಕಾನ್ ಇದ್ದರು.
ಮೂಡುಬಿದಿರೆ ಎಕ್ಸಲೆಂಟ್ ಸಿಬಿಎಸ್‌ಇ ಶಾಲೆಯಲ್ಲಿ ಶಾಲಾ ಪ್ರಾರಂಭೋತ್ಸವ ನೆರವೇರಿತು. ಅಧ್ಯಕ್ಷ ಯುವರಾಜ ಜೈನ್, ಕಾರ್ಯದರ್ಶಿ ರಶ್ಮಿತಾ ಜೈನ್, ಶೈಕ್ಷಣಿಕ ನಿರ್ದೇಶಕ ಪುಷ್ಪರಾಜ್ ಬಿ., ಟ್ರಸ್ಟ್ ಸದಸ್ಯ ಸುಧಾಕರ ರಾಜಾ, ಪ್ರಾಂಶುಪಾಲ ಶ್ರೀಧರ್, ಪ್ರಮುಖರಾದ ವಿಮಲ್ ಶೆಟ್ಟಿ ಇದ್ದರು.
